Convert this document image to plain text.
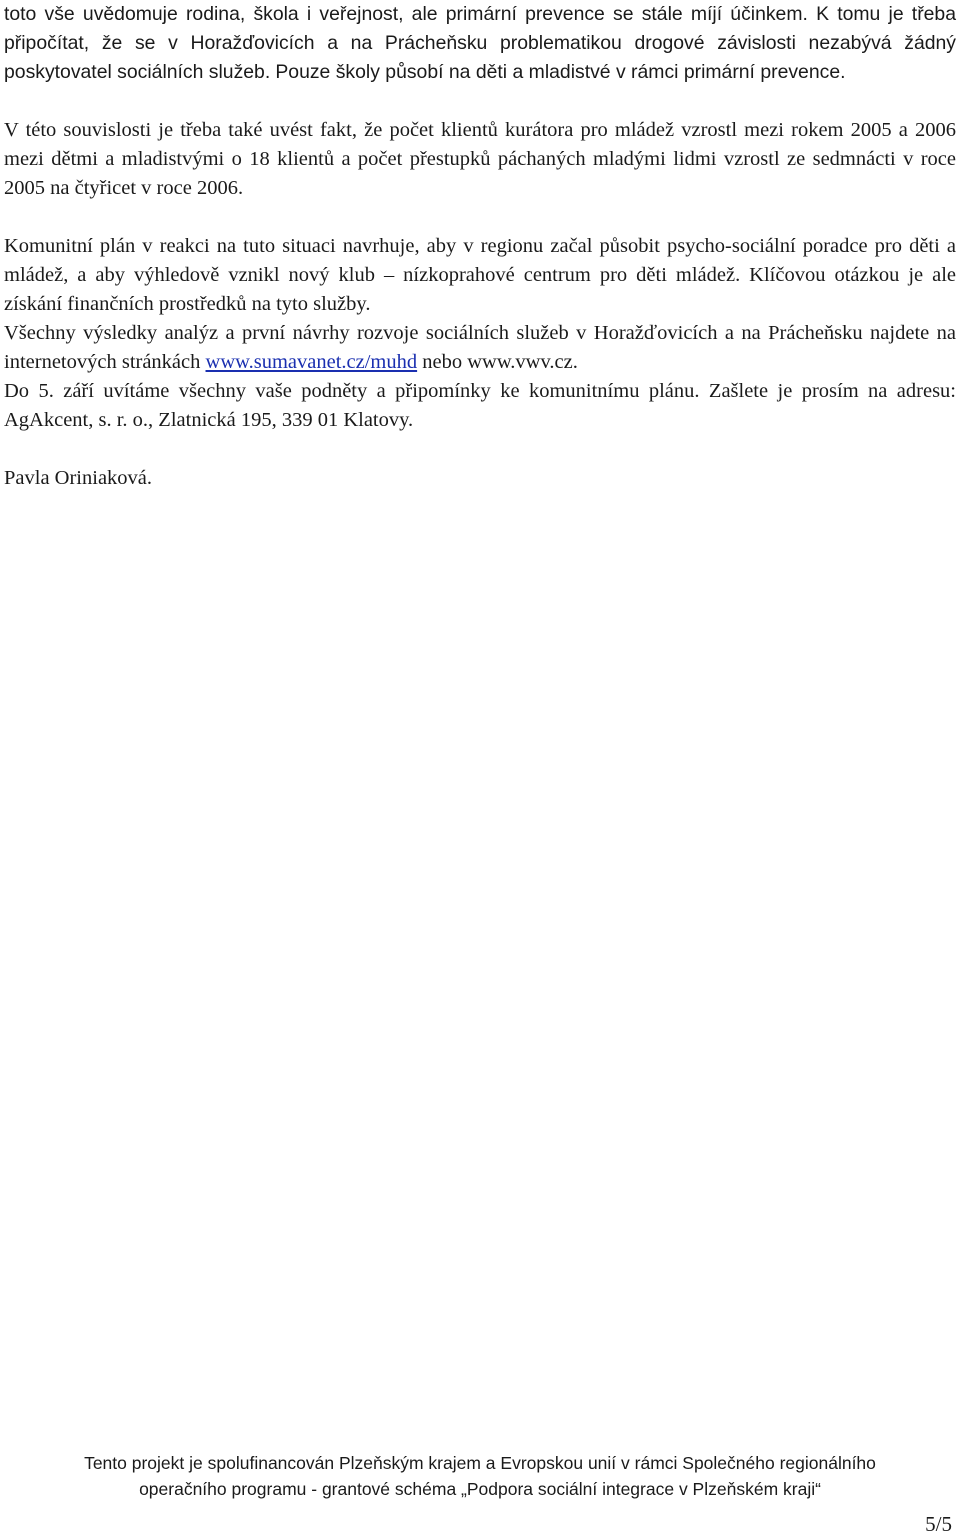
toto vše uvědomuje rodina, škola i veřejnost, ale primární prevence se stále míjí účinkem. K tomu je třeba připočítat, že se v Horažďovicích a na Prácheňsku problematikou drogové závislosti nezabývá žádný poskytovatel sociálních služeb. Pouze školy působí na děti a mladistvé v rámci primární prevence.

V této souvislosti je třeba také uvést fakt, že počet klientů kurátora pro mládež vzrostl mezi rokem 2005 a 2006 mezi dětmi a mladistvými o 18 klientů a počet přestupků páchaných mladými lidmi vzrostl ze sedmnácti v roce 2005 na čtyřicet v roce 2006.

Komunitní plán v reakci na tuto situaci navrhuje, aby v regionu začal působit psycho-sociální poradce pro děti a mládež, a aby výhledově vznikl nový klub – nízkoprahové centrum pro děti mládež. Klíčovou otázkou je ale získání finančních prostředků na tyto služby.

Všechny výsledky analýz a první návrhy rozvoje sociálních služeb v Horažďovicích a na Prácheňsku najdete na internetových stránkách www.sumavanet.cz/muhd nebo www.vwv.cz.

Do 5. září uvítáme všechny vaše podněty a připomínky ke komunitnímu plánu. Zašlete je prosím na adresu: AgAkcent, s. r. o., Zlatnická 195, 339 01 Klatovy.

Pavla Oriniaková.

Tento projekt je spolufinancován Plzeňským krajem a Evropskou unií v rámci Společného regionálního
operačního programu - grantové schéma „Podpora sociální integrace v Plzeňském kraji“
5/5
